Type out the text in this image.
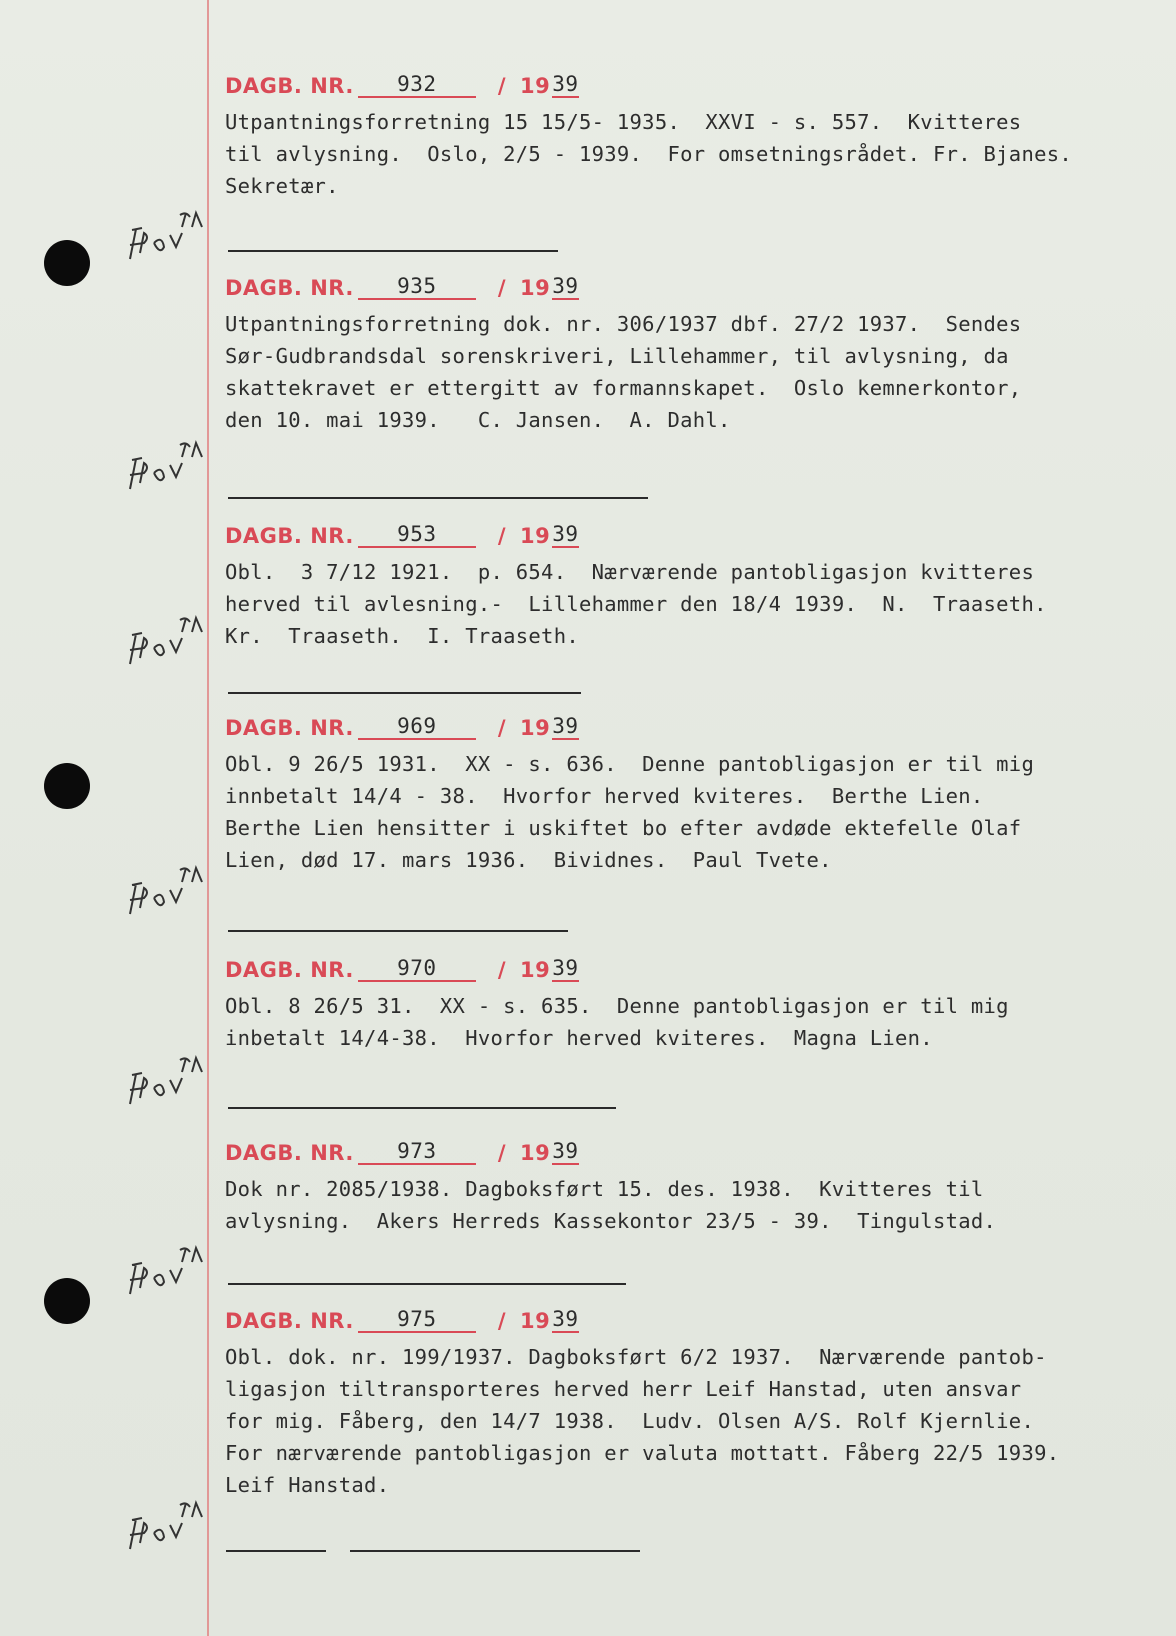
DAGB. NR.	932	/ 19 39
Utpantningsforretning 15 15/5- 1935.  XXVI - s. 557.  Kvitteres
til avlysning.  Oslo, 2/5 - 1939.  For omsetningsrådet. Fr. Bjanes.
Sekretær.
DAGB. NR.	935	/ 19 39
Utpantningsforretning dok. nr. 306/1937 dbf. 27/2 1937.  Sendes
Sør-Gudbrandsdal sorenskriveri, Lillehammer, til avlysning, da
skattekravet er ettergitt av formannskapet.  Oslo kemnerkontor,
den 10. mai 1939.   C. Jansen.  A. Dahl.
DAGB. NR.	953	/ 19 39
Obl.  3 7/12 1921.  p. 654.  Nærværende pantobligasjon kvitteres
herved til avlesning.-  Lillehammer den 18/4 1939.  N.  Traaseth.
Kr.  Traaseth.  I. Traaseth.
DAGB. NR.	969	/ 19 39
Obl. 9 26/5 1931.  XX - s. 636.  Denne pantobligasjon er til mig
innbetalt 14/4 - 38.  Hvorfor herved kviteres.  Berthe Lien.
Berthe Lien hensitter i uskiftet bo efter avdøde ektefelle Olaf
Lien, død 17. mars 1936.  Bividnes.  Paul Tvete.
DAGB. NR.	970	/ 19 39
Obl. 8 26/5 31.  XX - s. 635.  Denne pantobligasjon er til mig
inbetalt 14/4-38.  Hvorfor herved kviteres.  Magna Lien.
DAGB. NR.	973	/ 19 39
Dok nr. 2085/1938. Dagboksført 15. des. 1938.  Kvitteres til
avlysning.  Akers Herreds Kassekontor 23/5 - 39.  Tingulstad.
DAGB. NR.	975	/ 19 39
Obl. dok. nr. 199/1937. Dagboksført 6/2 1937.  Nærværende pantob-
ligasjon tiltransporteres herved herr Leif Hanstad, uten ansvar
for mig. Fåberg, den 14/7 1938.  Ludv. Olsen A/S. Rolf Kjernlie.
For nærværende pantobligasjon er valuta mottatt. Fåberg 22/5 1939.
Leif Hanstad.
